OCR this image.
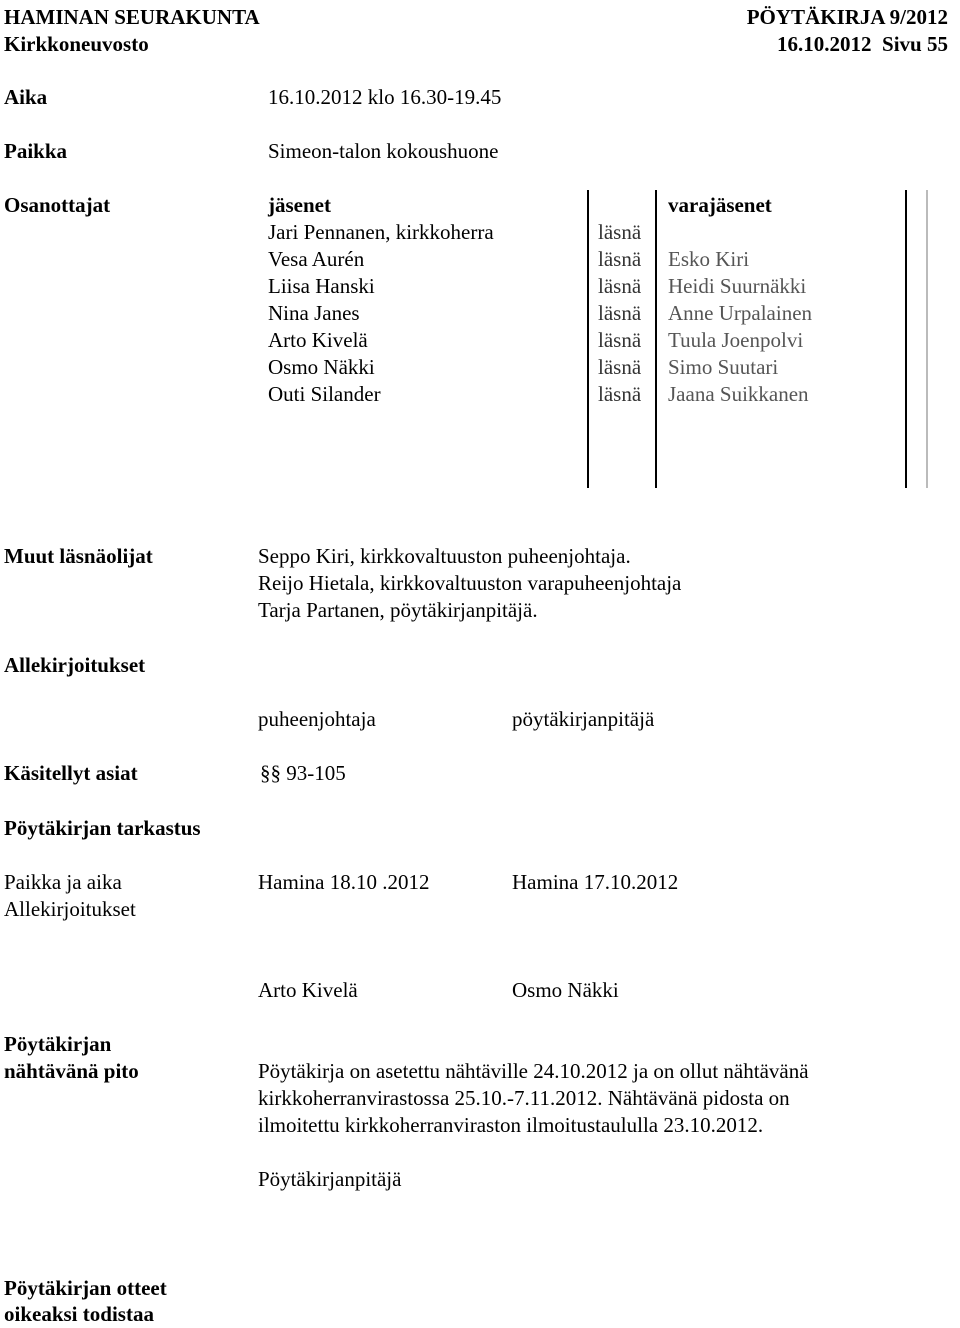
HAMINAN SEURAKUNTA
Kirkkoneuvosto
PÖYTÄKIRJA 9/2012
16.10.2012  Sivu 55
Aika	16.10.2012 klo 16.30-19.45
Paikka	Simeon-talon kokoushuone
Osanottajat	jäsenet	varajäsenet
Jari Pennanen, kirkkoherra	läsnä
Vesa Aurén	läsnä Esko Kiri
Liisa Hanski	läsnä Heidi Suurnäkki
Nina Janes	läsnä Anne Urpalainen
Arto Kivelä	läsnä Tuula Joenpolvi
Osmo Näkki	läsnä Simo Suutari
Outi Silander	läsnä Jaana Suikkanen
Muut läsnäolijat	Seppo Kiri, kirkkovaltuuston puheenjohtaja.
Reijo Hietala, kirkkovaltuuston varapuheenjohtaja
Tarja Partanen, pöytäkirjanpitäjä.
Allekirjoitukset
puheenjohtaja	pöytäkirjanpitäjä
Käsitellyt asiat	§§ 93-105
Pöytäkirjan tarkastus
Paikka ja aika
Allekirjoitukset
Hamina 18.10 .2012	Hamina 17.10.2012
Arto Kivelä	Osmo Näkki
Pöytäkirjan
nähtävänä pito	Pöytäkirja on asetettu nähtäville 24.10.2012 ja on ollut nähtävänä
kirkkoherranvirastossa 25.10.-7.11.2012. Nähtävänä pidosta on
ilmoitettu kirkkoherranviraston ilmoitustaululla 23.10.2012.
Pöytäkirjanpitäjä
Pöytäkirjan otteet
oikeaksi todistaa
